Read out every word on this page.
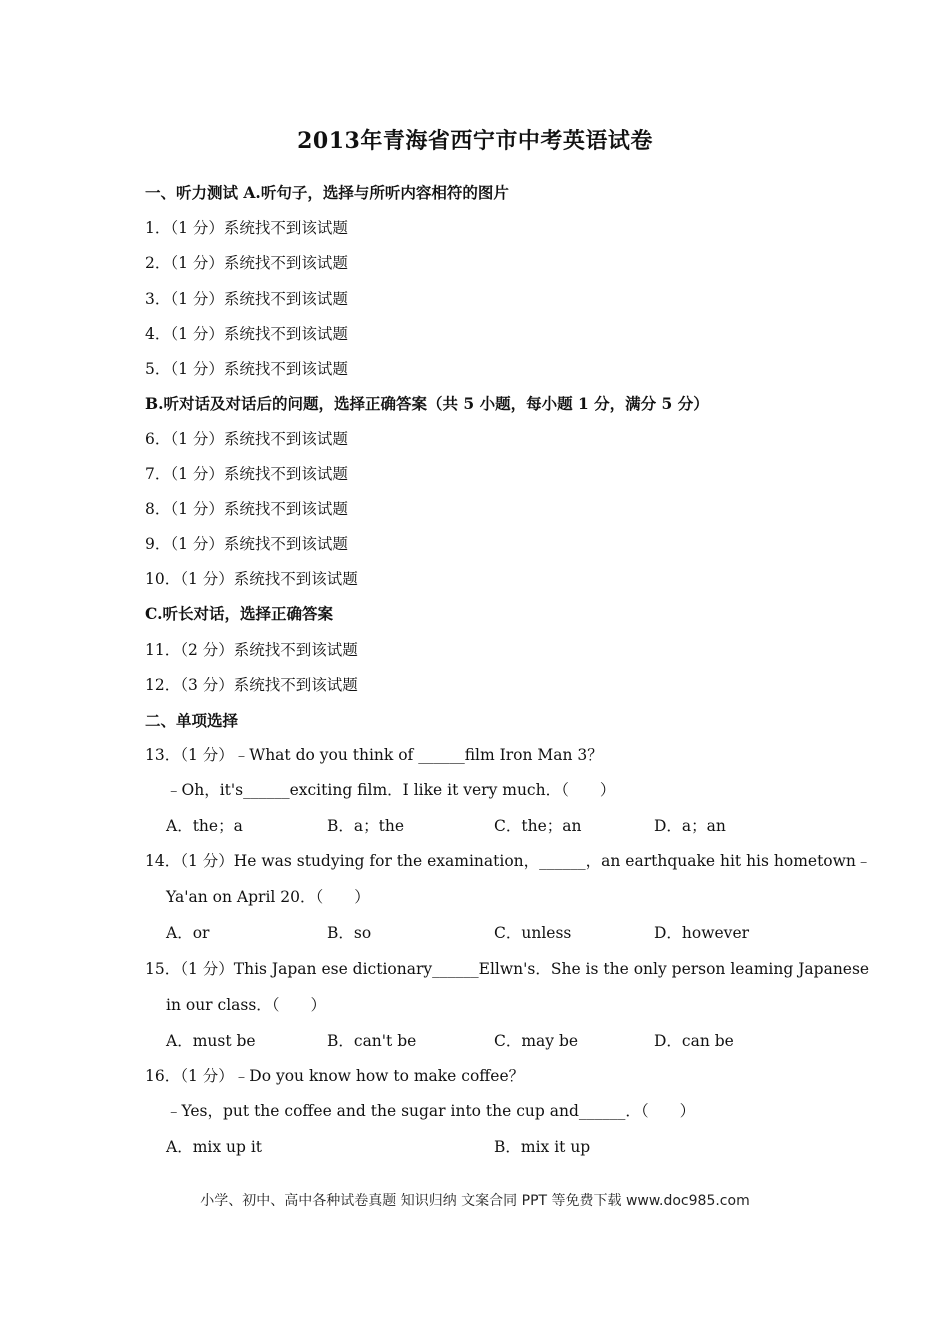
2013年青海省西宁市中考英语试卷
一、听力测试 A.听句子，选择与所听内容相符的图片
1．（1 分）系统找不到该试题
2．（1 分）系统找不到该试题
3．（1 分）系统找不到该试题
4．（1 分）系统找不到该试题
5．（1 分）系统找不到该试题
B.听对话及对话后的问题，选择正确答案（共 5 小题，每小题 1 分，满分 5 分）
6．（1 分）系统找不到该试题
7．（1 分）系统找不到该试题
8．（1 分）系统找不到该试题
9．（1 分）系统找不到该试题
10．（1 分）系统找不到该试题
C.听长对话，选择正确答案
11．（2 分）系统找不到该试题
12．（3 分）系统找不到该试题
二、单项选择
13．（1 分）﹣What do you think of ______film Iron Man 3？
﹣Oh，it's______exciting film．I like it very much．（　　）
A．the；a	B．a；the	C．the；an	D．a；an
14．（1 分）He was studying for the examination，______，an earthquake hit his hometown﹣
Ya'an on April 20．（　　）
A．or	B．so	C．unless	D．however
15．（1 分）This Japan ese dictionary______Ellwn's．She is the only person leaming Japanese
in our class．（　　）
A．must be	B．can't be	C．may be	D．can be
16．（1 分）﹣Do you know how to make coffee？
﹣Yes，put the coffee and the sugar into the cup and______．（　　）
A．mix up it	B．mix it up
小学、初中、高中各种试卷真题 知识归纳 文案合同 PPT 等免费下载 www.doc985.com
